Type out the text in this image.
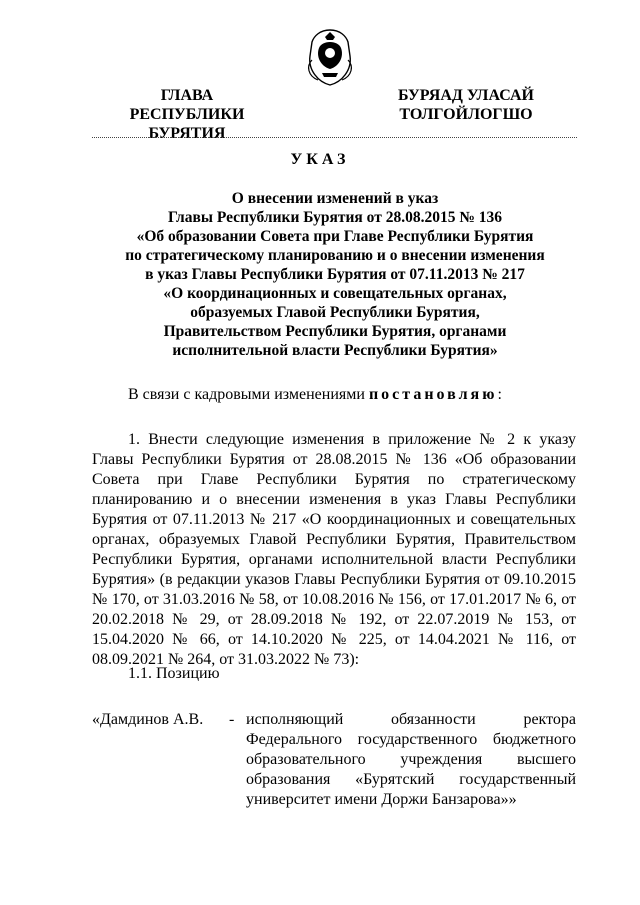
ГЛАВА
РЕСПУБЛИКИ БУРЯТИЯ
БУРЯАД УЛАСАЙ
ТОЛГОЙЛОГШО
УКАЗ
О внесении изменений в указ
Главы Республики Бурятия от 28.08.2015 № 136
«Об образовании Совета при Главе Республики Бурятия
по стратегическому планированию и о внесении изменения
в указ Главы Республики Бурятия от 07.11.2013 № 217
«О координационных и совещательных органах,
образуемых Главой Республики Бурятия,
Правительством Республики Бурятия, органами
исполнительной власти Республики Бурятия»
В связи с кадровыми изменениями постановляю:
1. Внести следующие изменения в приложение № 2 к указу Главы Республики Бурятия от 28.08.2015 № 136 «Об образовании Совета при Главе Республики Бурятия по стратегическому планированию и о внесении изменения в указ Главы Республики Бурятия от 07.11.2013 № 217 «О координационных и совещательных органах, образуемых Главой Республики Бурятия, Правительством Республики Бурятия, органами исполнительной власти Республики Бурятия» (в редакции указов Главы Республики Бурятия от 09.10.2015 № 170, от 31.03.2016 № 58, от 10.08.2016 № 156, от 17.01.2017 № 6, от 20.02.2018 № 29, от 28.09.2018 № 192, от 22.07.2019 № 153, от 15.04.2020 № 66, от 14.10.2020 № 225, от 14.04.2021 № 116, от 08.09.2021 № 264, от 31.03.2022 № 73):
1.1. Позицию
«Дамдинов А.В. - исполняющий обязанности ректора Федерального государственного бюджетного образовательного учреждения высшего образования «Бурятский государственный университет имени Доржи Банзарова»»
